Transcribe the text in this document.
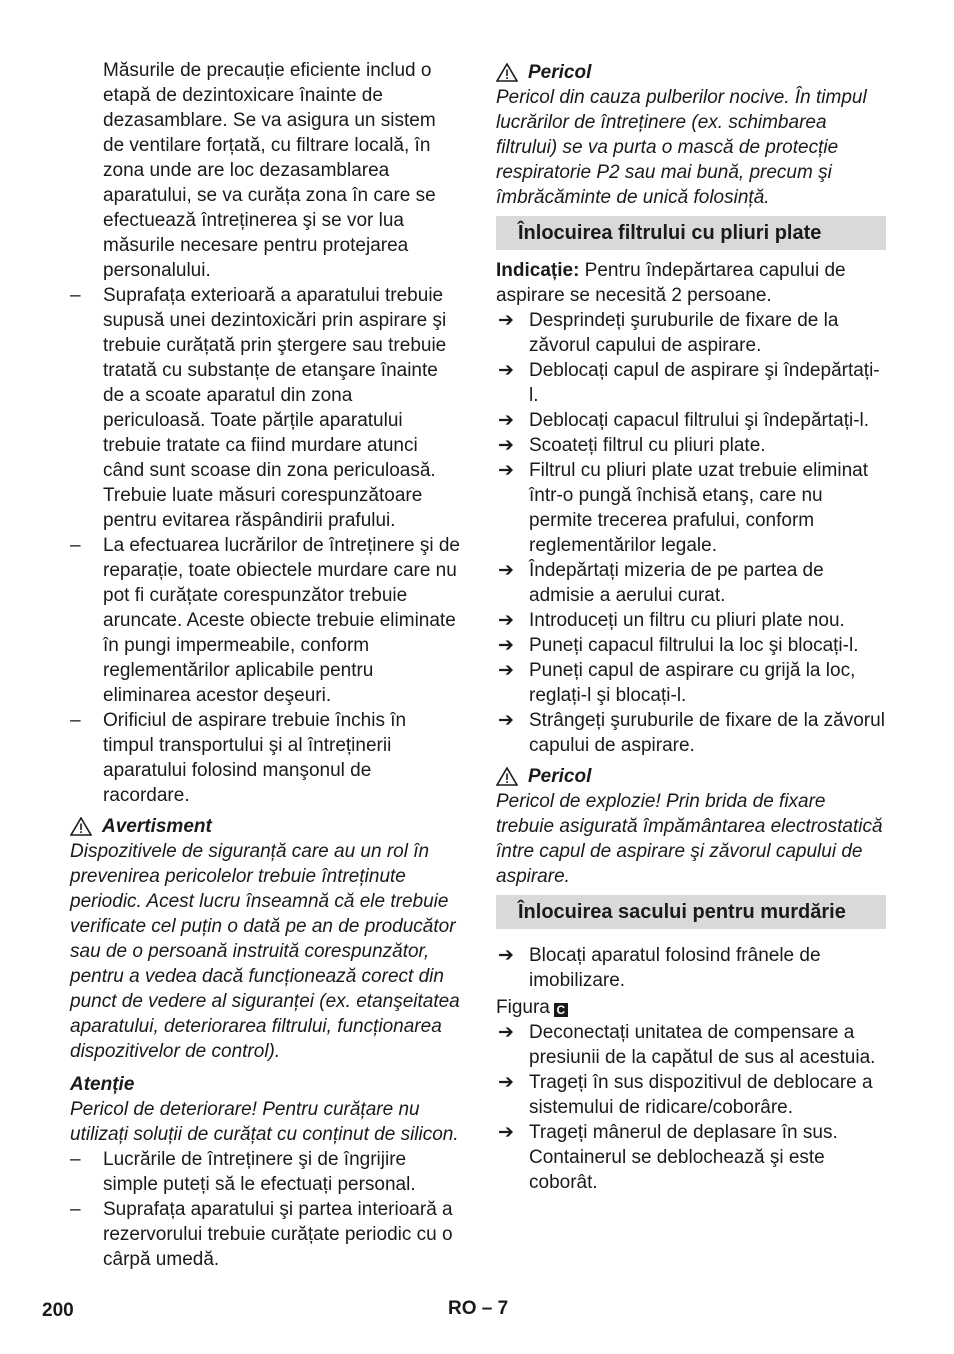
Măsurile de precauție eficiente includ o etapă de dezintoxicare înainte de dezasamblare. Se va asigura un sistem de ventilare forțată, cu filtrare locală, în zona unde are loc dezasamblarea aparatului, se va curăța zona în care se efectuează întreținerea şi se vor lua măsurile necesare pentru protejarea personalului.
– Suprafața exterioară a aparatului trebuie supusă unei dezintoxicări prin aspirare şi trebuie curățată prin ştergere sau trebuie tratată cu substanțe de etanşare înainte de a scoate aparatul din zona periculoasă. Toate părțile aparatului trebuie tratate ca fiind murdare atunci când sunt scoase din zona periculoasă. Trebuie luate măsuri corespunzătoare pentru evitarea răspândirii prafului.
– La efectuarea lucrărilor de întreținere şi de reparație, toate obiectele murdare care nu pot fi curățate corespunzător trebuie aruncate. Aceste obiecte trebuie eliminate în pungi impermeabile, conform reglementărilor aplicabile pentru eliminarea acestor deşeuri.
– Orificiul de aspirare trebuie închis în timpul transportului şi al întreținerii aparatului folosind manşonul de racordare.
Avertisment
Dispozitivele de siguranță care au un rol în prevenirea pericolelor trebuie întreținute periodic. Acest lucru înseamnă că ele trebuie verificate cel puțin o dată pe an de producător sau de o persoană instruită corespunzător, pentru a vedea dacă funcționează corect din punct de vedere al siguranței (ex. etanşeitatea aparatului, deteriorarea filtrului, funcționarea dispozitivelor de control).
Atenție
Pericol de deteriorare! Pentru curățare nu utilizați soluții de curățat cu conținut de silicon.
– Lucrările de întreținere şi de îngrijire simple puteți să le efectuați personal.
– Suprafața aparatului şi partea interioară a rezervorului trebuie curățate periodic cu o cârpă umedă.
Pericol
Pericol din cauza pulberilor nocive. În timpul lucrărilor de întreținere (ex. schimbarea filtrului) se va purta o mască de protecție respiratorie P2 sau mai bună, precum şi îmbrăcăminte de unică folosință.
Înlocuirea filtrului cu pliuri plate
Indicație: Pentru îndepărtarea capului de aspirare se necesită 2 persoane.
➔ Desprindeți şuruburile de fixare de la zăvorul capului de aspirare.
➔ Deblocați capul de aspirare şi îndepărtați-l.
➔ Deblocați capacul filtrului şi îndepărtați-l.
➔ Scoateți filtrul cu pliuri plate.
➔ Filtrul cu pliuri plate uzat trebuie eliminat într-o pungă închisă etanş, care nu permite trecerea prafului, conform reglementărilor legale.
➔ Îndepărtați mizeria de pe partea de admisie a aerului curat.
➔ Introduceți un filtru cu pliuri plate nou.
➔ Puneți capacul filtrului la loc şi blocați-l.
➔ Puneți capul de aspirare cu grijă la loc, reglați-l şi blocați-l.
➔ Strângeți şuruburile de fixare de la zăvorul capului de aspirare.
Pericol
Pericol de explozie! Prin brida de fixare trebuie asigurată împământarea electrostatică între capul de aspirare şi zăvorul capului de aspirare.
Înlocuirea sacului pentru murdărie
➔ Blocați aparatul folosind frânele de imobilizare.
Figura C
➔ Deconectați unitatea de compensare a presiunii de la capătul de sus al acestuia.
➔ Trageți în sus dispozitivul de deblocare a sistemului de ridicare/coborâre.
➔ Trageți mânerul de deplasare în sus. Containerul se deblochează şi este coborât.
200	RO – 7
